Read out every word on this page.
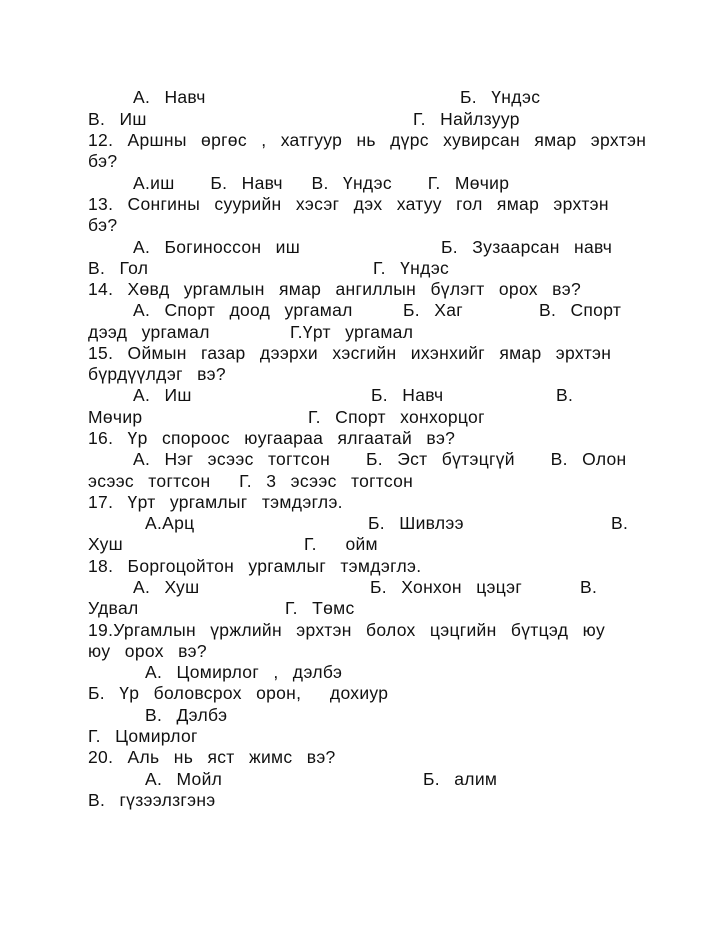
А.  Навч	Б.  Үндэс
В.  Иш	Г.  Найлзуур
12.  Аршны  өргөс  ,  хатгуур  нь  дүрс  хувирсан  ямар  эрхтэн
бэ?
А.иш     Б.  Навч    В.  Үндэс     Г.  Мөчир
13.  Сонгины  суурийн  хэсэг  дэх  хатуу  гол  ямар  эрхтэн
бэ?
А.  Богиноссон  иш	Б.  Зузаарсан  навч
В.  Гол	Г.  Үндэс
14.  Хөвд  ургамлын  ямар  ангиллын  бүлэгт  орох  вэ?
А.  Спорт  доод  ургамал	Б.  Хаг	В.  Спорт
дээд  ургамал	Г.Үрт  ургамал
15.  Оймын  газар  дээрхи  хэсгийн  ихэнхийг  ямар  эрхтэн
бүрдүүлдэг  вэ?
А.  Иш	Б.  Навч	В.
Мөчир	Г.  Спорт  хонхорцог
16.  Үр  спороос  юугаараа  ялгаатай  вэ?
А.  Нэг  эсээс  тогтсон     Б.  Эст  бүтэцгүй     В.  Олон
эсээс  тогтсон    Г.  3  эсээс  тогтсон
17.  Үрт  ургамлыг  тэмдэглэ.
А.Арц	Б.  Шивлээ	В.
Хуш	Г.    ойм
18.  Боргоцойтон  ургамлыг  тэмдэглэ.
А.  Хуш	Б.  Хонхон  цэцэг	В.
Удвал	Г.  Төмс
19.Ургамлын  үржлийн  эрхтэн  болох  цэцгийн  бүтцэд  юу
юу  орох  вэ?
А.  Цомирлог  ,  дэлбэ
Б.  Үр  боловсрох  орон,    дохиур
В.  Дэлбэ
Г.  Цомирлог
20.  Аль  нь  яст  жимс  вэ?
А.  Мойл	Б.  алим
В.  гүзээлзгэнэ
